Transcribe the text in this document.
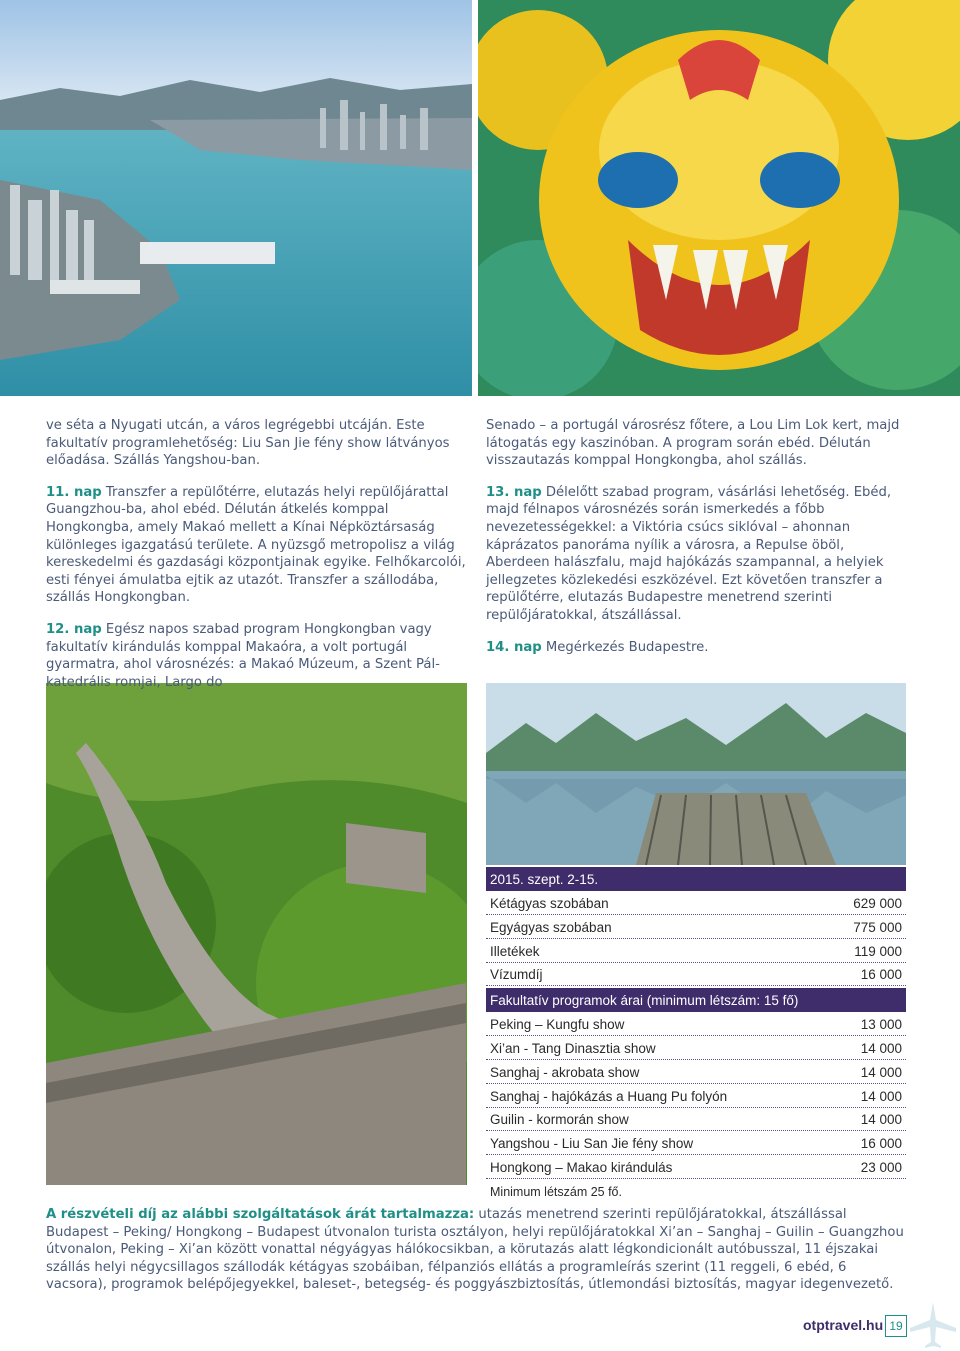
ve séta a Nyugati utcán, a város legrégebbi utcáján. Este fakultatív programlehetőség: Liu San Jie fény show látványos előadása. Szállás Yangshou-ban.

11. nap Transzfer a repülőtérre, elutazás helyi repülőjárattal Guangzhou-ba, ahol ebéd. Délután átkelés komppal Hongkongba, amely Makaó mellett a Kínai Népköztársaság különleges igazgatású területe. A nyüzsgő metropolisz a világ kereskedelmi és gazdasági központjainak egyike. Felhőkarcolói, esti fényei ámulatba ejtik az utazót. Transzfer a szállodába, szállás Hongkongban.

12. nap Egész napos szabad program Hongkongban vagy fakultatív kirándulás komppal Makaóra, a volt portugál gyarmatra, ahol városnézés: a Makaó Múzeum, a Szent Pál-katedrális romjai, Largo do

Senado – a portugál városrész főtere, a Lou Lim Lok kert, majd látogatás egy kaszinóban. A program során ebéd. Délután visszautazás komppal Hongkongba, ahol szállás.

13. nap Délelőtt szabad program, vásárlási lehetőség. Ebéd, majd félnapos városnézés során ismerkedés a főbb nevezetességekkel: a Viktória csúcs siklóval – ahonnan káprázatos panoráma nyílik a városra, a Repulse öböl, Aberdeen halászfalu, majd hajókázás szampannal, a helyiek jellegzetes közlekedési eszközével. Ezt követően transzfer a repülőtérre, elutazás Budapestre menetrend szerinti repülőjáratokkal, átszállással.

14. nap Megérkezés Budapestre.

2015. szept. 2-15.
Kétágyas szobában	629 000
Egyágyas szobában	775 000
Illetékek	119 000
Vízumdíj	16 000
Fakultatív programok árai (minimum létszám: 15 fő)
Peking – Kungfu show	13 000
Xi’an - Tang Dinasztia show	14 000
Sanghaj - akrobata show	14 000
Sanghaj - hajókázás a Huang Pu folyón	14 000
Guilin - kormorán show	14 000
Yangshou - Liu San Jie fény show	16 000
Hongkong – Makao kirándulás	23 000
Minimum létszám 25 fő.

A részvételi díj az alábbi szolgáltatások árát tartalmazza: utazás menetrend szerinti repülőjáratokkal, átszállással Budapest – Peking/ Hongkong – Budapest útvonalon turista osztályon, helyi repülőjáratokkal Xi’an – Sanghaj – Guilin – Guangzhou útvonalon, Peking – Xi’an között vonattal négyágyas hálókocsikban, a körutazás alatt légkondicionált autóbusszal, 11 éjszakai szállás helyi négycsillagos szállodák kétágyas szobáiban, félpanziós ellátás a programleírás szerint (11 reggeli, 6 ebéd, 6 vacsora), programok belépőjegyekkel, baleset-, betegség- és poggyászbiztosítás, útlemondási biztosítás, magyar idegenvezető.

otptravel.hu 19
